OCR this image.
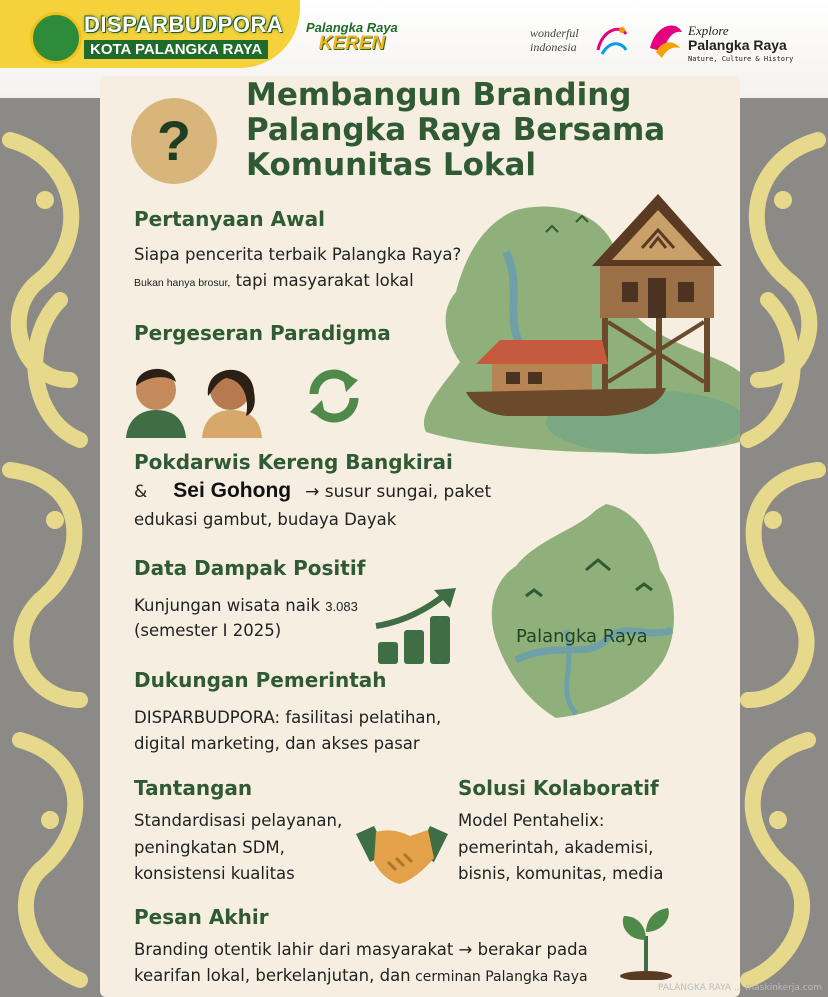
DISPARBUDPORA
KOTA PALANGKA RAYA
Palangka Raya
KEREN	wonderful
indonesia
Explore
Palangka Raya
Nature, Culture & History
?
Membangun Branding
Palangka Raya Bersama
Komunitas Lokal
Pertanyaan Awal
Siapa pencerita terbaik Palangka Raya?
Bukan hanya brosur, tapi masyarakat lokal
Pergeseran Paradigma
Pokdarwis Kereng Bangkirai
& Sei Gohong → susur sungai, paket
edukasi gambut, budaya Dayak
Data Dampak Positif
Kunjungan wisata naik 3.083
(semester I 2025)	Palangka Raya
Dukungan Pemerintah
DISPARBUDPORA: fasilitasi pelatihan,
digital marketing, dan akses pasar
Tantangan
Standardisasi pelayanan,
peningkatan SDM,
konsistensi kualitas
Solusi Kolaboratif
Model Pentahelix:
pemerintah, akademisi,
bisnis, komunitas, media
Pesan Akhir
Branding otentik lahir dari masyarakat → berakar pada
kearifan lokal, berkelanjutan, dan cerminan Palangka Raya
PALANGKA RAYA ... maskinkerja.com
